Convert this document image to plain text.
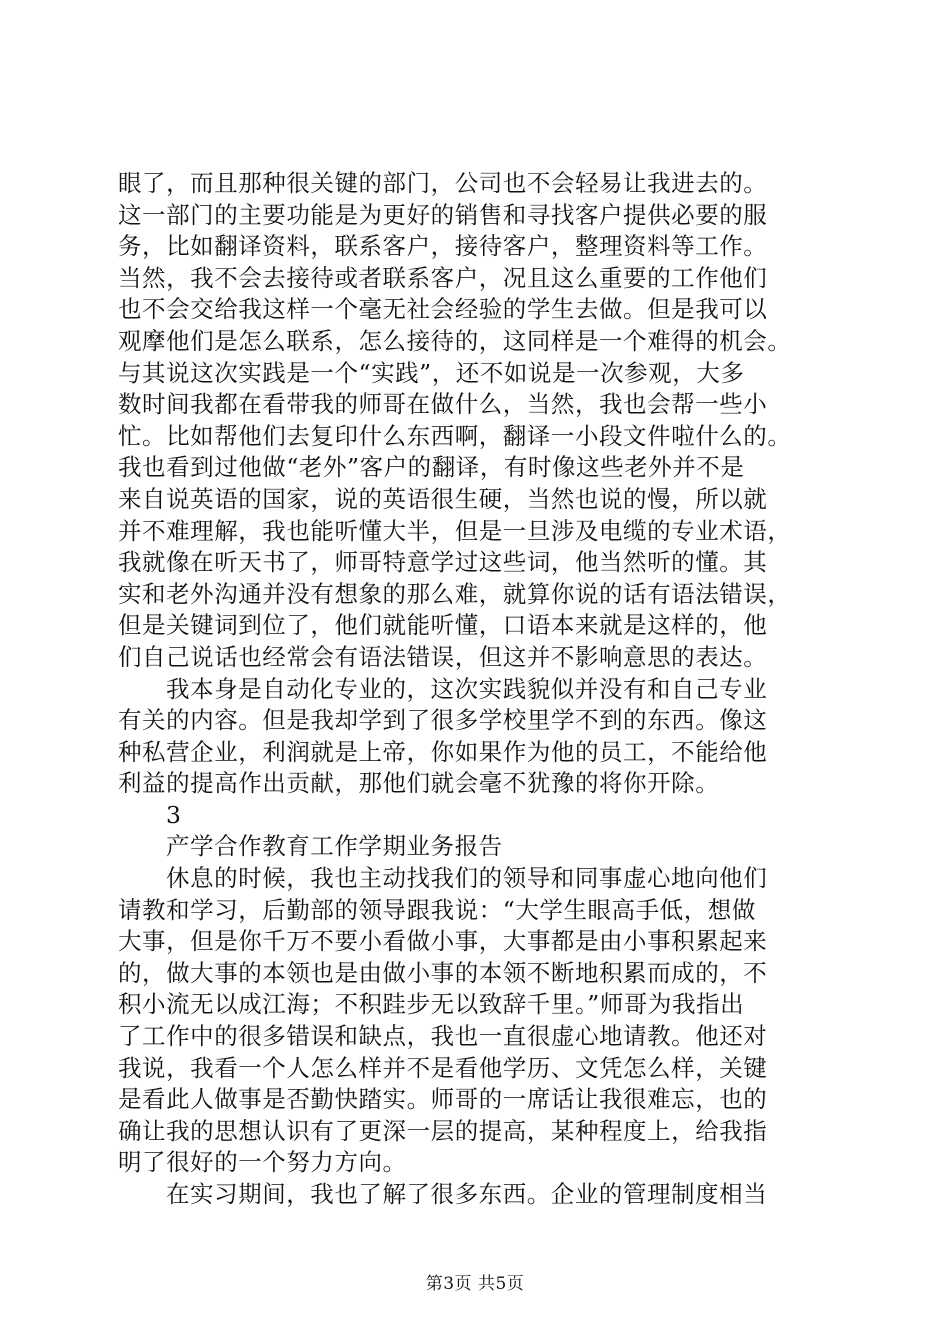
眼了，而且那种很关键的部门，公司也不会轻易让我进去的。
这一部门的主要功能是为更好的销售和寻找客户提供必要的服
务，比如翻译资料，联系客户，接待客户，整理资料等工作。
当然，我不会去接待或者联系客户，况且这么重要的工作他们
也不会交给我这样一个毫无社会经验的学生去做。但是我可以
观摩他们是怎么联系，怎么接待的，这同样是一个难得的机会。
与其说这次实践是一个“实践”，还不如说是一次参观，大多
数时间我都在看带我的师哥在做什么，当然，我也会帮一些小
忙。比如帮他们去复印什么东西啊，翻译一小段文件啦什么的。
我也看到过他做“老外”客户的翻译，有时像这些老外并不是
来自说英语的国家，说的英语很生硬，当然也说的慢，所以就
并不难理解，我也能听懂大半，但是一旦涉及电缆的专业术语，
我就像在听天书了，师哥特意学过这些词，他当然听的懂。其
实和老外沟通并没有想象的那么难，就算你说的话有语法错误，
但是关键词到位了，他们就能听懂，口语本来就是这样的，他
们自己说话也经常会有语法错误，但这并不影响意思的表达。
我本身是自动化专业的，这次实践貌似并没有和自己专业
有关的内容。但是我却学到了很多学校里学不到的东西。像这
种私营企业，利润就是上帝，你如果作为他的员工，不能给他
利益的提高作出贡献，那他们就会毫不犹豫的将你开除。
3
产学合作教育工作学期业务报告
休息的时候，我也主动找我们的领导和同事虚心地向他们
请教和学习，后勤部的领导跟我说：“大学生眼高手低，想做
大事，但是你千万不要小看做小事，大事都是由小事积累起来
的，做大事的本领也是由做小事的本领不断地积累而成的，不
积小流无以成江海；不积跬步无以致辞千里。”师哥为我指出
了工作中的很多错误和缺点，我也一直很虚心地请教。他还对
我说，我看一个人怎么样并不是看他学历、文凭怎么样，关键
是看此人做事是否勤快踏实。师哥的一席话让我很难忘，也的
确让我的思想认识有了更深一层的提高，某种程度上，给我指
明了很好的一个努力方向。
在实习期间，我也了解了很多东西。企业的管理制度相当
第3页 共5页
